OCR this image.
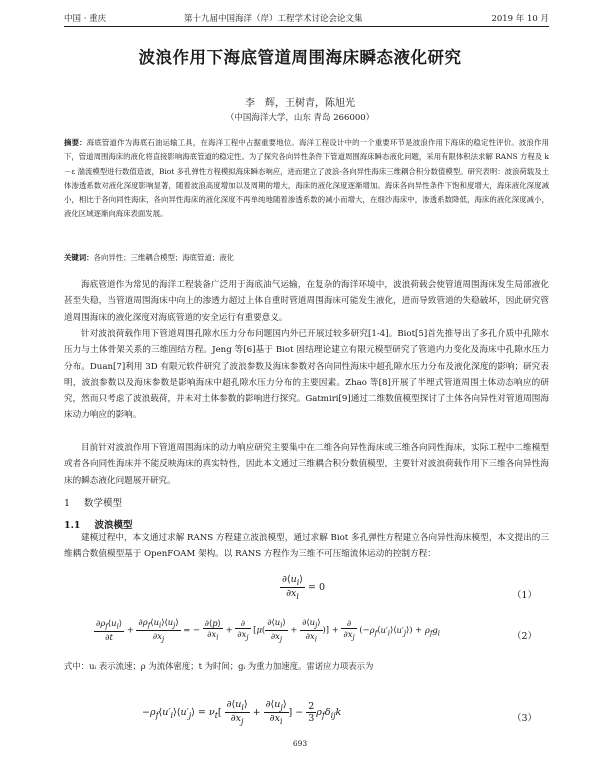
中国 · 重庆	第十九届中国海洋（岸）工程学术讨论会论文集	2019 年 10 月
波浪作用下海底管道周围海床瞬态液化研究
李　辉，王树青，陈旭光
（中国海洋大学，山东 青岛 266000）

摘要：海底管道作为海底石油运输工具，在海洋工程中占据重要地位。海洋工程设计中的一个重要环节是波浪作用下海床的稳定性评价。波浪作用下，管道周围海床的液化将直接影响海底管道的稳定性。为了探究各向异性条件下管道周围海床瞬态液化问题，采用有限体积法求解 RANS 方程及 k－ε 湍流模型进行数值造波，Biot 多孔弹性方程模拟海床瞬态响应，进而建立了波浪-各向异性海床三维耦合积分数值模型。研究表明：波浪荷载及土体渗透系数对液化深度影响显著，随着波浪高度增加以及周期的增大，海床的液化深度逐渐增加。海床各向异性条件下饱和度增大，海床液化深度减小，相比于各向同性海床，各向异性海床的液化深度不再单纯地随着渗透系数的减小而增大，在细沙海床中，渗透系数降低，海床的液化深度减小，液化区域逐渐向海床表面发展。

关键词：各向异性；三维耦合模型；海底管道；液化

海底管道作为常见的海洋工程装备广泛用于海底油气运输，在复杂的海洋环境中，波浪荷载会使管道周围海床发生局部液化甚至失稳，当管道周围海床中向上的渗透力超过上体自重时管道周围海床可能发生液化，进而导致管道的失稳破坏，因此研究管道周围海床的液化深度对海底管道的安全运行有重要意义。

针对波浪荷载作用下管道周围孔隙水压力分布问题国内外已开展过较多研究[1-4]。Biot[5]首先推导出了多孔介质中孔隙水压力与土体骨架关系的三维固结方程。Jeng 等[6]基于 Biot 固结理论建立有限元模型研究了管道内力变化及海床中孔隙水压力分布。Duan[7]利用 3D 有限元软件研究了波浪参数及海床参数对各向同性海床中超孔隙水压力分布及液化深度的影响；研究表明，波浪参数以及海床参数是影响海床中超孔隙水压力分布的主要因素。Zhao 等[8]开展了半埋式管道周围土体动态响应的研究，然而只考虑了波浪载荷，并未对土体参数的影响进行探究。Gatmiri[9]通过二维数值模型探讨了土体各向异性对管道周围海床动力响应的影响。

目前针对波浪作用下管道周围海床的动力响应研究主要集中在二维各向异性海床或三维各向同性海床，实际工程中二维模型或者各向同性海床并不能反映海床的真实特性，因此本文通过三维耦合积分数值模型，主要针对波浪荷载作用下三维各向异性海床的瞬态液化问题展开研究。

1 数学模型
1.1 波浪模型

建模过程中，本文通过求解 RANS 方程建立波浪模型，通过求解 Biot 多孔弹性方程建立各向异性海床模型，本文提出的三维耦合数值模型基于 OpenFOAM 架构。以 RANS 方程作为三维不可压缩流体运动的控制方程：

$\frac{\partial⟨u_i⟩}{\partial x_i} = 0$
（1）
$\frac{\partial\rho_f⟨u_i⟩}{\partial t} + \frac{\partial\rho_f⟨u_i⟩⟨u_j⟩}{\partial x_j}$ = − $\frac{\partial⟨p⟩}{\partial x_i} + \frac{\partial}{\partial x_j} [\mu( \frac{\partial⟨u_i⟩}{\partial x_j} + \frac{\partial⟨u_j⟩}{\partial x_i}$ )] + $\frac{\partial}{\partial x_j}$ $(-\rho_f⟨u'_i⟩⟨u'_j⟩) + \rho_fg_i$	（2）

式中：uᵢ 表示流速；ρ 为流体密度；t 为时间；gᵢ 为重力加速度。雷诺应力项表示为

$-\rho_f⟨u'_i⟩⟨u'_j⟩ = \nu_t[ \frac{\partial⟨u_i⟩}{\partial x_j} + \frac{\partial⟨u_j⟩}{\partial x_i}$ ] − $\frac{2}{3} \rho_f\delta_{ij}k$
（3）
693
